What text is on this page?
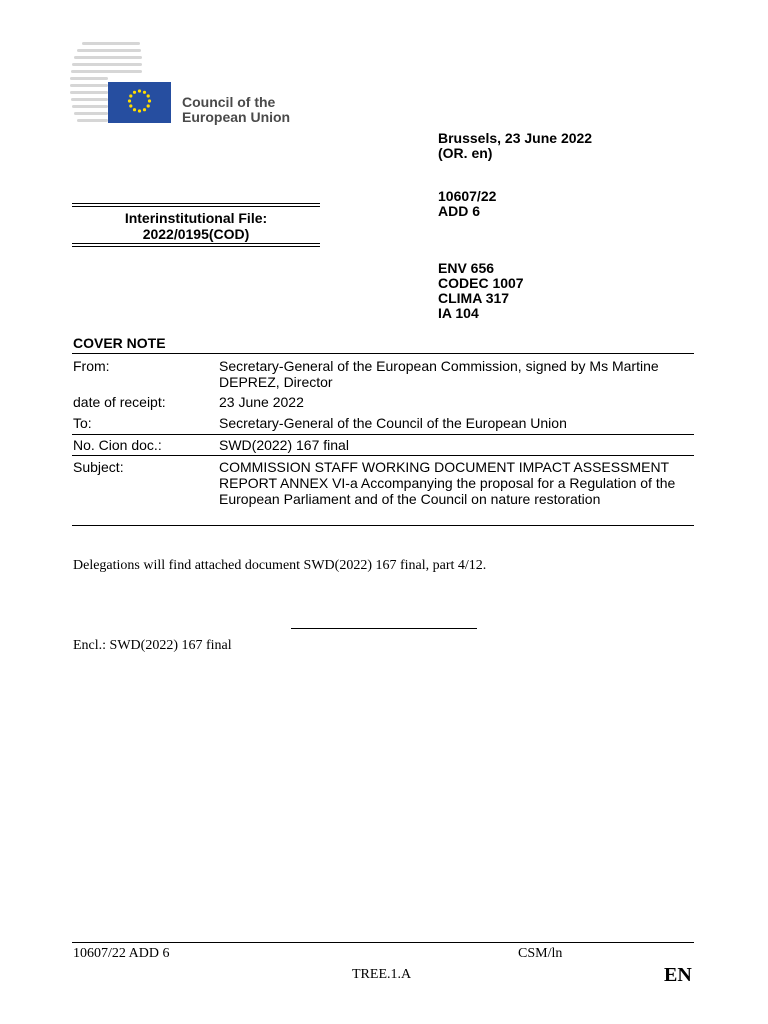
Council of the
European Union
Brussels, 23 June 2022
(OR. en)
10607/22
ADD 6
ENV 656
CODEC 1007
CLIMA 317
IA 104
Interinstitutional File:
2022/0195(COD)
COVER NOTE
From:	Secretary-General of the European Commission, signed by Ms Martine DEPREZ, Director
date of receipt:	23 June 2022
To:	Secretary-General of the Council of the European Union
No. Cion doc.:	SWD(2022) 167 final
Subject:	COMMISSION STAFF WORKING DOCUMENT IMPACT ASSESSMENT REPORT ANNEX VI-a Accompanying the proposal for a Regulation of the European Parliament and of the Council on nature restoration
Delegations will find attached document SWD(2022) 167 final, part 4/12.
Encl.: SWD(2022) 167 final
10607/22 ADD 6	CSM/ln
TREE.1.A	EN
